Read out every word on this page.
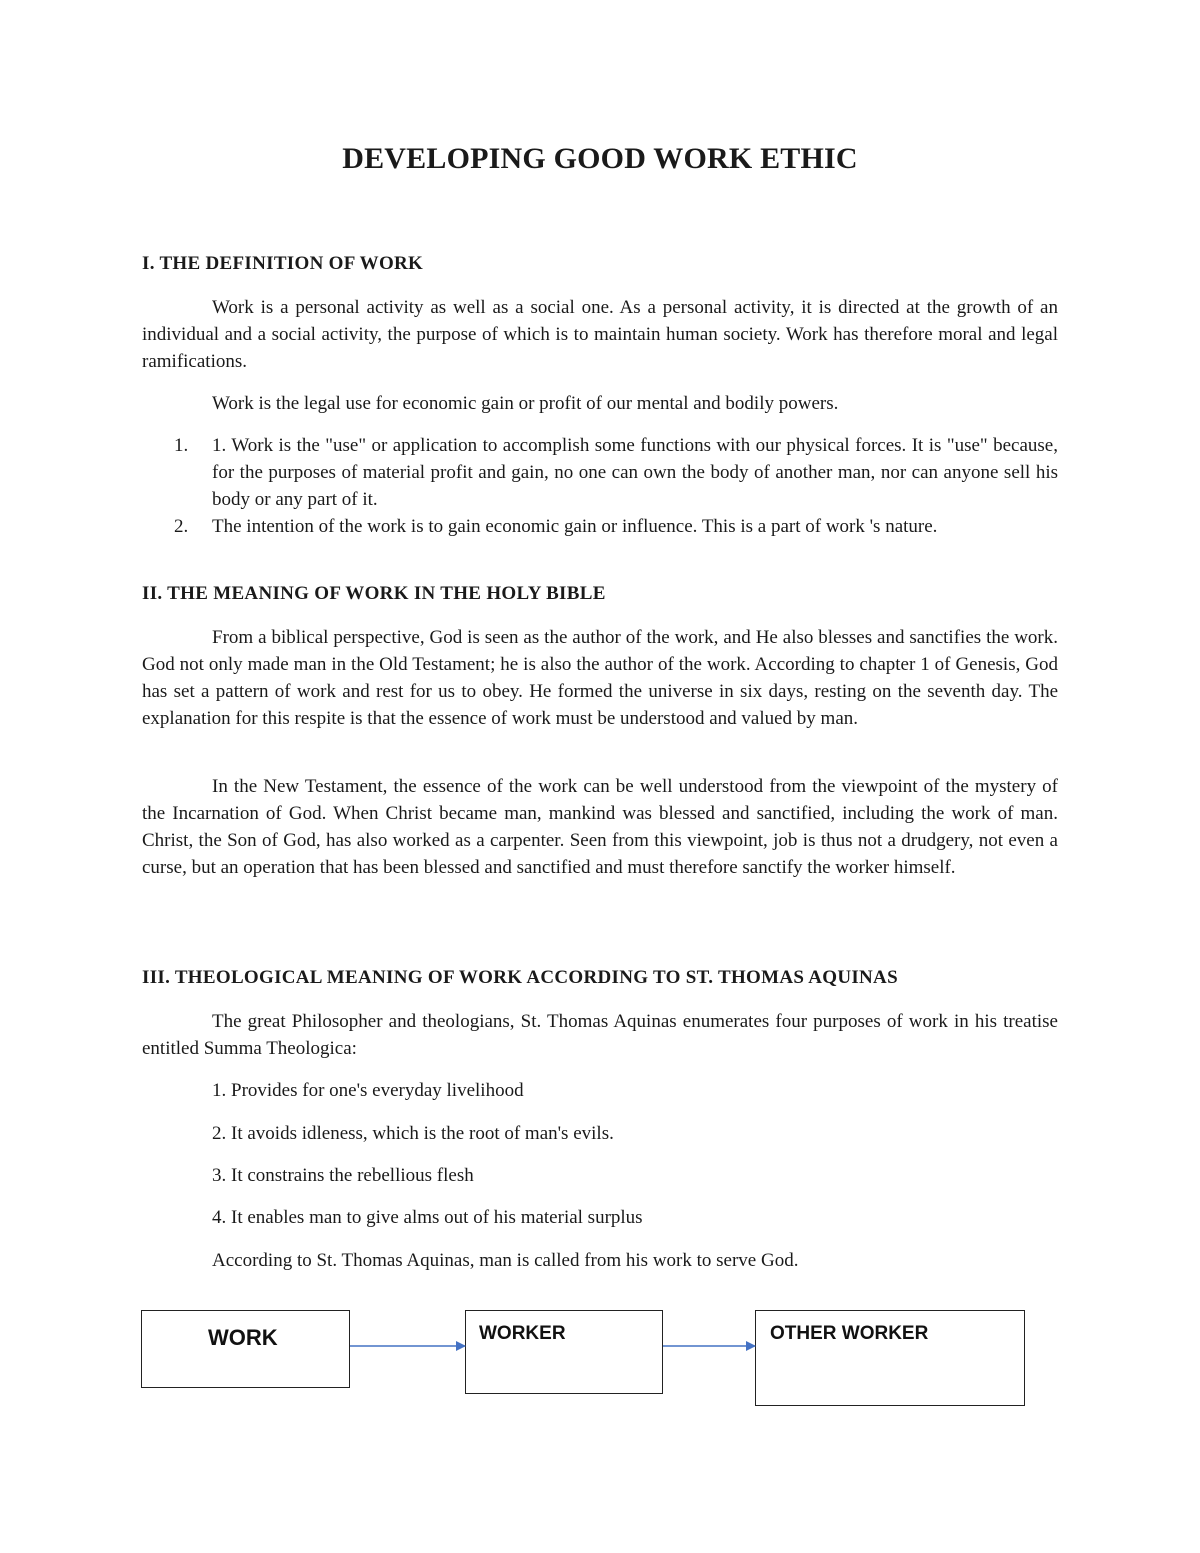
DEVELOPING GOOD WORK ETHIC
I. THE DEFINITION OF WORK

Work is a personal activity as well as a social one. As a personal activity, it is directed at the growth of an individual and a social activity, the purpose of which is to maintain human society. Work has therefore moral and legal ramifications.

Work is the legal use for economic gain or profit of our mental and bodily powers.

1. 1. Work is the "use" or application to accomplish some functions with our physical forces. It is "use" because, for the purposes of material profit and gain, no one can own the body of another man, nor can anyone sell his body or any part of it.
2. The intention of the work is to gain economic gain or influence. This is a part of work 's nature.
II. THE MEANING OF WORK IN THE HOLY BIBLE

From a biblical perspective, God is seen as the author of the work, and He also blesses and sanctifies the work. God not only made man in the Old Testament; he is also the author of the work. According to chapter 1 of Genesis, God has set a pattern of work and rest for us to obey. He formed the universe in six days, resting on the seventh day. The explanation for this respite is that the essence of work must be understood and valued by man.

In the New Testament, the essence of the work can be well understood from the viewpoint of the mystery of the Incarnation of God. When Christ became man, mankind was blessed and sanctified, including the work of man. Christ, the Son of God, has also worked as a carpenter. Seen from this viewpoint, job is thus not a drudgery, not even a curse, but an operation that has been blessed and sanctified and must therefore sanctify the worker himself.

III. THEOLOGICAL MEANING OF WORK ACCORDING TO ST. THOMAS AQUINAS

The great Philosopher and theologians, St. Thomas Aquinas enumerates four purposes of work in his treatise entitled Summa Theologica:

1. Provides for one's everyday livelihood

2. It avoids idleness, which is the root of man's evils.

3. It constrains the rebellious flesh

4. It enables man to give alms out of his material surplus

According to St. Thomas Aquinas, man is called from his work to serve God.

WORK	WORKER	OTHER WORKER
